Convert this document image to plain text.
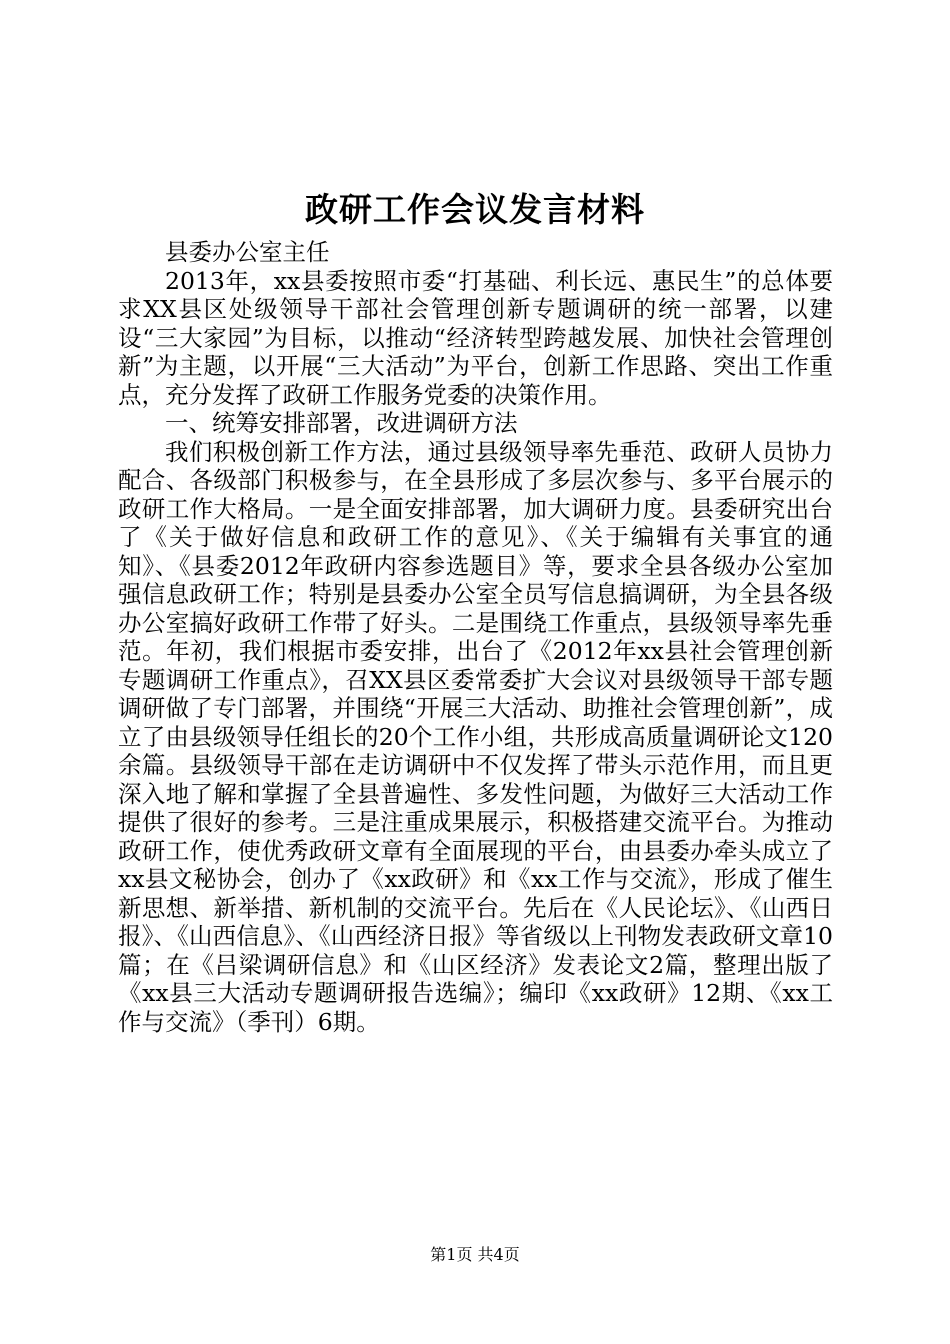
政研工作会议发言材料

县委办公室主任

2013年，xx县委按照市委“打基础、利长远、惠民生”的总体要求XX县区处级领导干部社会管理创新专题调研的统一部署，以建设“三大家园”为目标，以推动“经济转型跨越发展、加快社会管理创新”为主题，以开展“三大活动”为平台，创新工作思路、突出工作重点，充分发挥了政研工作服务党委的决策作用。

一、统筹安排部署，改进调研方法

我们积极创新工作方法，通过县级领导率先垂范、政研人员协力配合、各级部门积极参与，在全县形成了多层次参与、多平台展示的政研工作大格局。一是全面安排部署，加大调研力度。县委研究出台了《关于做好信息和政研工作的意见》、《关于编辑有关事宜的通知》、《县委2012年政研内容参选题目》等，要求全县各级办公室加强信息政研工作；特别是县委办公室全员写信息搞调研，为全县各级办公室搞好政研工作带了好头。二是围绕工作重点，县级领导率先垂范。年初，我们根据市委安排，出台了《2012年xx县社会管理创新专题调研工作重点》，召XX县区委常委扩大会议对县级领导干部专题调研做了专门部署，并围绕“开展三大活动、助推社会管理创新”，成立了由县级领导任组长的20个工作小组，共形成高质量调研论文120余篇。县级领导干部在走访调研中不仅发挥了带头示范作用，而且更深入地了解和掌握了全县普遍性、多发性问题，为做好三大活动工作提供了很好的参考。三是注重成果展示，积极搭建交流平台。为推动政研工作，使优秀政研文章有全面展现的平台，由县委办牵头成立了xx县文秘协会，创办了《xx政研》和《xx工作与交流》，形成了催生新思想、新举措、新机制的交流平台。先后在《人民论坛》、《山西日报》、《山西信息》、《山西经济日报》等省级以上刊物发表政研文章10篇；在《吕梁调研信息》和《山区经济》发表论文2篇，整理出版了《xx县三大活动专题调研报告选编》；编印《xx政研》12期、《xx工作与交流》（季刊）6期。

第1页 共4页
